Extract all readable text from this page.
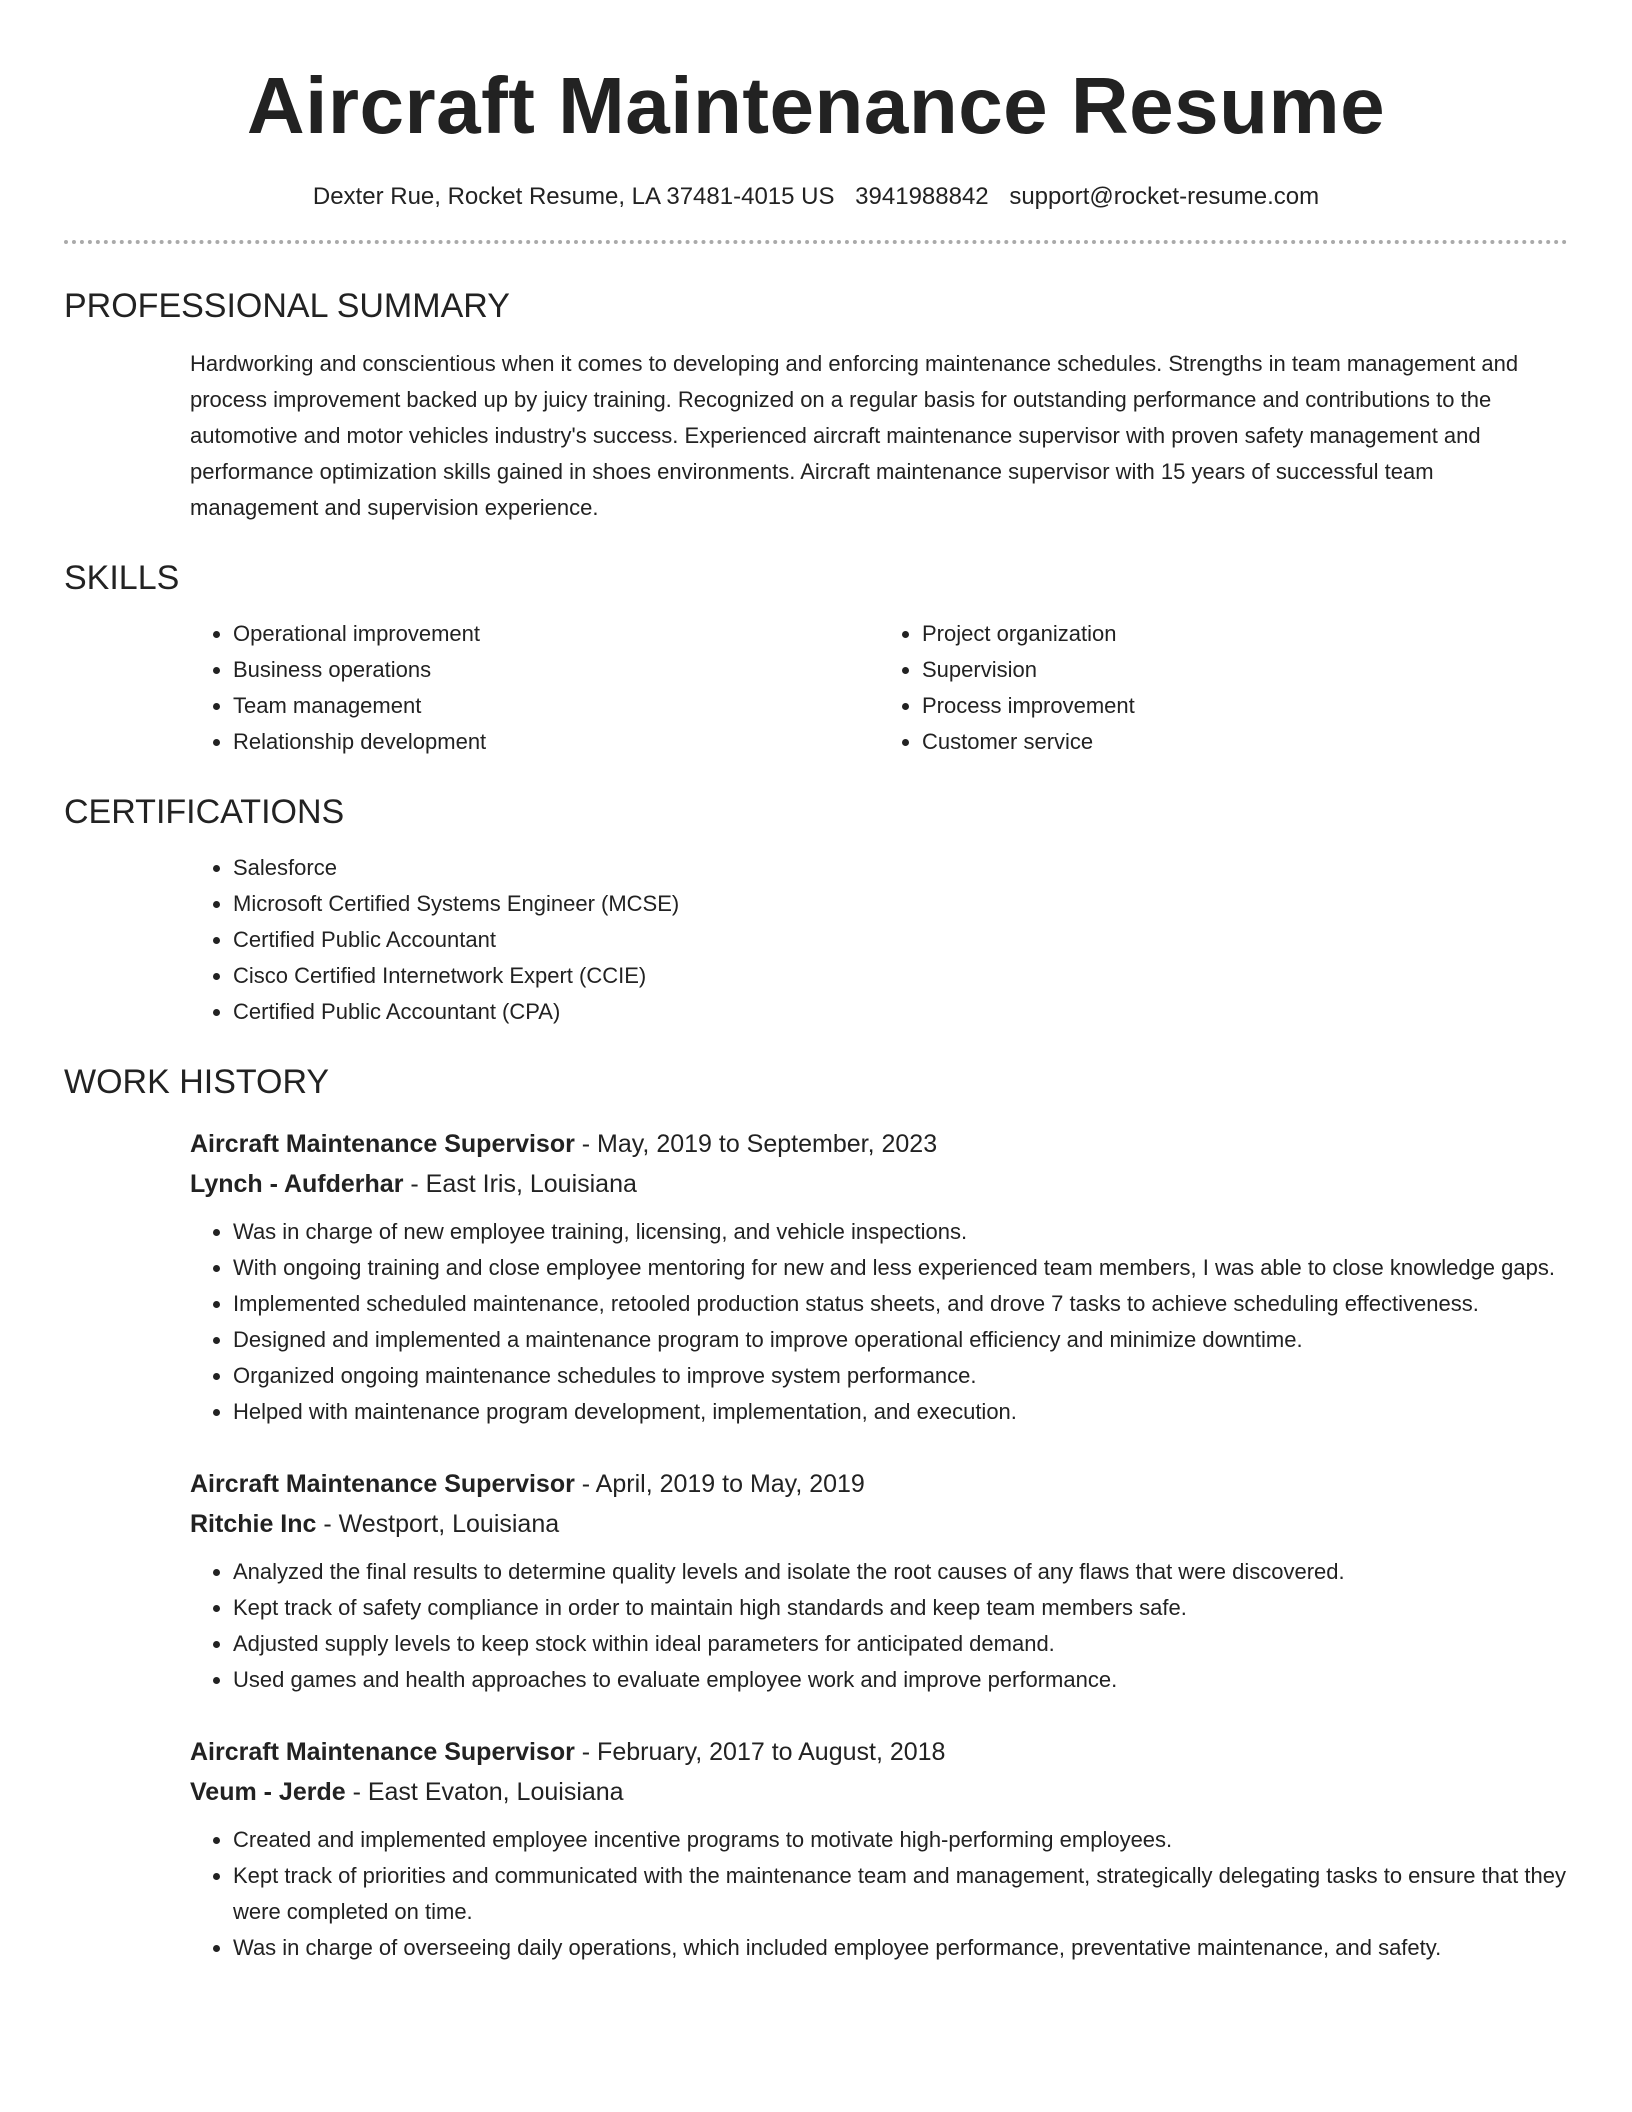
Aircraft Maintenance Resume
Dexter Rue, Rocket Resume, LA 37481-4015 US 3941988842 support@rocket-resume.com
PROFESSIONAL SUMMARY

Hardworking and conscientious when it comes to developing and enforcing maintenance schedules. Strengths in team management and process improvement backed up by juicy training. Recognized on a regular basis for outstanding performance and contributions to the automotive and motor vehicles industry's success. Experienced aircraft maintenance supervisor with proven safety management and performance optimization skills gained in shoes environments. Aircraft maintenance supervisor with 15 years of successful team management and supervision experience.

SKILLS
• Operational improvement
• Business operations
• Team management
• Relationship development
• Project organization
• Supervision
• Process improvement
• Customer service
CERTIFICATIONS
• Salesforce
• Microsoft Certified Systems Engineer (MCSE)
• Certified Public Accountant
• Cisco Certified Internetwork Expert (CCIE)
• Certified Public Accountant (CPA)
WORK HISTORY
Aircraft Maintenance Supervisor - May, 2019 to September, 2023
Lynch - Aufderhar - East Iris, Louisiana
• Was in charge of new employee training, licensing, and vehicle inspections.
• With ongoing training and close employee mentoring for new and less experienced team members, I was able to close knowledge gaps.
• Implemented scheduled maintenance, retooled production status sheets, and drove 7 tasks to achieve scheduling effectiveness.
• Designed and implemented a maintenance program to improve operational efficiency and minimize downtime.
• Organized ongoing maintenance schedules to improve system performance.
• Helped with maintenance program development, implementation, and execution.
Aircraft Maintenance Supervisor - April, 2019 to May, 2019
Ritchie Inc - Westport, Louisiana
• Analyzed the final results to determine quality levels and isolate the root causes of any flaws that were discovered.
• Kept track of safety compliance in order to maintain high standards and keep team members safe.
• Adjusted supply levels to keep stock within ideal parameters for anticipated demand.
• Used games and health approaches to evaluate employee work and improve performance.
Aircraft Maintenance Supervisor - February, 2017 to August, 2018
Veum - Jerde - East Evaton, Louisiana
• Created and implemented employee incentive programs to motivate high-performing employees.
• Kept track of priorities and communicated with the maintenance team and management, strategically delegating tasks to ensure that they were completed on time.
• Was in charge of overseeing daily operations, which included employee performance, preventative maintenance, and safety.
